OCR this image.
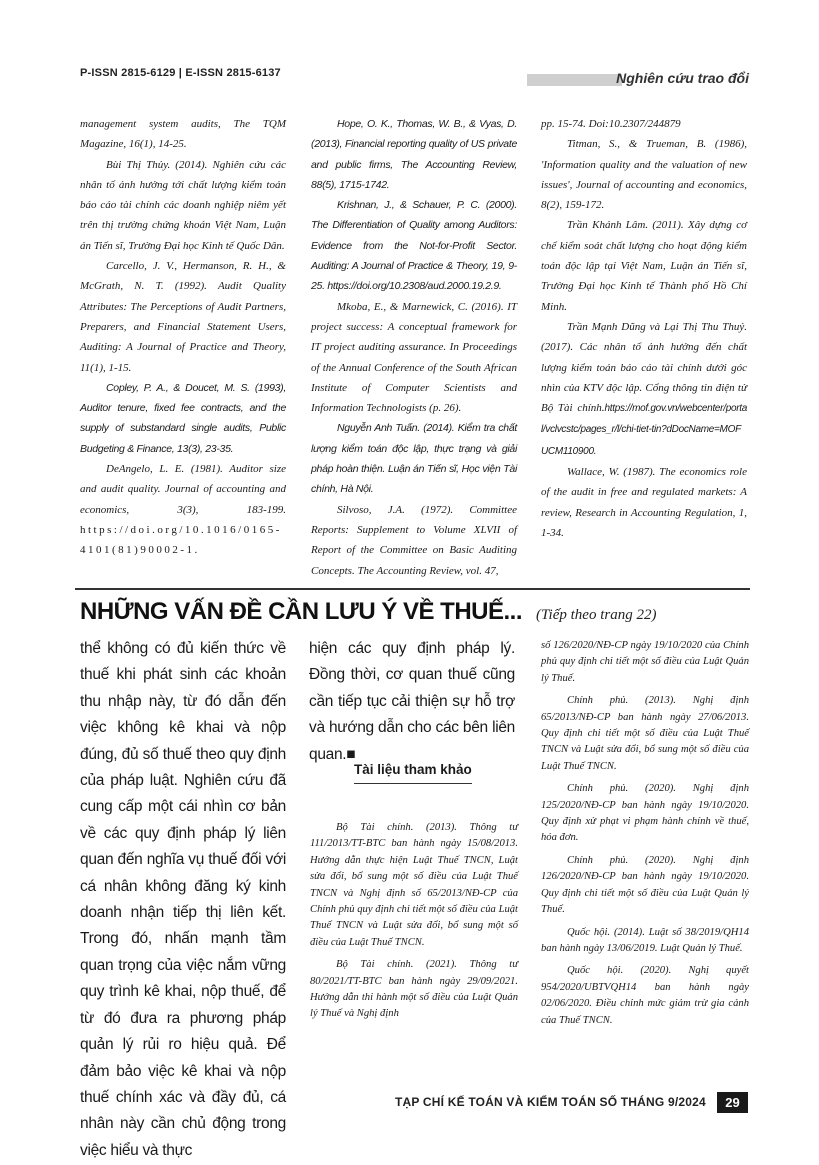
P-ISSN 2815-6129 | E-ISSN 2815-6137	Nghiên cứu trao đổi

management system audits, The TQM Magazine, 16(1), 14-25.

Bùi Thị Thủy. (2014). Nghiên cứu các nhân tố ảnh hưởng tới chất lượng kiểm toán báo cáo tài chính các doanh nghiệp niêm yết trên thị trường chứng khoán Việt Nam, Luận án Tiến sĩ, Trường Đại học Kinh tế Quốc Dân.

Carcello, J. V., Hermanson, R. H., & McGrath, N. T. (1992). Audit Quality Attributes: The Perceptions of Audit Partners, Preparers, and Financial Statement Users, Auditing: A Journal of Practice and Theory, 11(1), 1-15.

Copley, P. A., & Doucet, M. S. (1993), Auditor tenure, fixed fee contracts, and the supply of substandard single audits, Public Budgeting & Finance, 13(3), 23-35.

DeAngelo, L. E. (1981). Auditor size and audit quality. Journal of accounting and economics, 3(3), 183-199. https://doi.org/10.1016/0165-4101(81)90002-1.

Hope, O. K., Thomas, W. B., & Vyas, D. (2013), Financial reporting quality of US private and public firms, The Accounting Review, 88(5), 1715-1742.

Krishnan, J., & Schauer, P. C. (2000). The Differentiation of Quality among Auditors: Evidence from the Not-for-Profit Sector. Auditing: A Journal of Practice & Theory, 19, 9-25. https://doi.org/10.2308/aud.2000.19.2.9.

Mkoba, E., & Marnewick, C. (2016). IT project success: A conceptual framework for IT project auditing assurance. In Proceedings of the Annual Conference of the South African Institute of Computer Scientists and Information Technologists (p. 26).

Nguyễn Anh Tuấn. (2014). Kiểm tra chất lượng kiểm toán độc lập, thực trạng và giải pháp hoàn thiện. Luận án Tiến sĩ, Học viện Tài chính, Hà Nội.

Silvoso, J.A. (1972). Committee Reports: Supplement to Volume XLVII of Report of the Committee on Basic Auditing Concepts. The Accounting Review, vol. 47,

pp. 15-74. Doi:10.2307/244879

Titman, S., & Trueman, B. (1986), 'Information quality and the valuation of new issues', Journal of accounting and economics, 8(2), 159-172.

Trần Khánh Lâm. (2011). Xây dựng cơ chế kiểm soát chất lượng cho hoạt động kiểm toán độc lập tại Việt Nam, Luận án Tiến sĩ, Trường Đại học Kinh tế Thành phố Hồ Chí Minh.

Trần Mạnh Dũng và Lại Thị Thu Thuỷ. (2017). Các nhân tố ảnh hưởng đến chất lượng kiểm toán báo cáo tài chính dưới góc nhìn của KTV độc lập. Cổng thông tin điện tử Bộ Tài chính.https://mof.gov.vn/webcenter/portal/vclvcstc/pages_r/l/chi-tiet-tin?dDocName=MOFUCM110900.

Wallace, W. (1987). The economics role of the audit in free and regulated markets: A review, Research in Accounting Regulation, 1, 1-34.

NHỮNG VẤN ĐỀ CẦN LƯU Ý VỀ THUẾ... (Tiếp theo trang 22)

thể không có đủ kiến thức về thuế khi phát sinh các khoản thu nhập này, từ đó dẫn đến việc không kê khai và nộp đúng, đủ số thuế theo quy định của pháp luật. Nghiên cứu đã cung cấp một cái nhìn cơ bản về các quy định pháp lý liên quan đến nghĩa vụ thuế đối với cá nhân không đăng ký kinh doanh nhận tiếp thị liên kết. Trong đó, nhấn mạnh tầm quan trọng của việc nắm vững quy trình kê khai, nộp thuế, để từ đó đưa ra phương pháp quản lý rủi ro hiệu quả. Để đảm bảo việc kê khai và nộp thuế chính xác và đầy đủ, cá nhân này cần chủ động trong việc hiểu và thực

hiện các quy định pháp lý. Đồng thời, cơ quan thuế cũng cần tiếp tục cải thiện sự hỗ trợ và hướng dẫn cho các bên liên quan.■

Tài liệu tham khảo

Bộ Tài chính. (2013). Thông tư 111/2013/TT-BTC ban hành ngày 15/08/2013. Hướng dẫn thực hiện Luật Thuế TNCN, Luật sửa đổi, bổ sung một số điều của Luật Thuế TNCN và Nghị định số 65/2013/NĐ-CP của Chính phủ quy định chi tiết một số điều của Luật Thuế TNCN và Luật sửa đổi, bổ sung một số điều của Luật Thuế TNCN.

Bộ Tài chính. (2021). Thông tư 80/2021/TT-BTC ban hành ngày 29/09/2021. Hướng dẫn thi hành một số điều của Luật Quản lý Thuế và Nghị định

số 126/2020/NĐ-CP ngày 19/10/2020 của Chính phủ quy định chi tiết một số điều của Luật Quản lý Thuế.

Chính phủ. (2013). Nghị định 65/2013/NĐ-CP ban hành ngày 27/06/2013. Quy định chi tiết một số điều của Luật Thuế TNCN và Luật sửa đổi, bổ sung một số điều của Luật Thuế TNCN.

Chính phủ. (2020). Nghị định 125/2020/NĐ-CP ban hành ngày 19/10/2020. Quy định xử phạt vi phạm hành chính về thuế, hóa đơn.

Chính phủ. (2020). Nghị định 126/2020/NĐ-CP ban hành ngày 19/10/2020. Quy định chi tiết một số điều của Luật Quản lý Thuế.

Quốc hội. (2014). Luật số 38/2019/QH14 ban hành ngày 13/06/2019. Luật Quản lý Thuế.

Quốc hội. (2020). Nghị quyết 954/2020/UBTVQH14 ban hành ngày 02/06/2020. Điều chỉnh mức giảm trừ gia cảnh của Thuế TNCN.

TẠP CHÍ KẾ TOÁN VÀ KIỂM TOÁN SỐ THÁNG 9/2024	29
